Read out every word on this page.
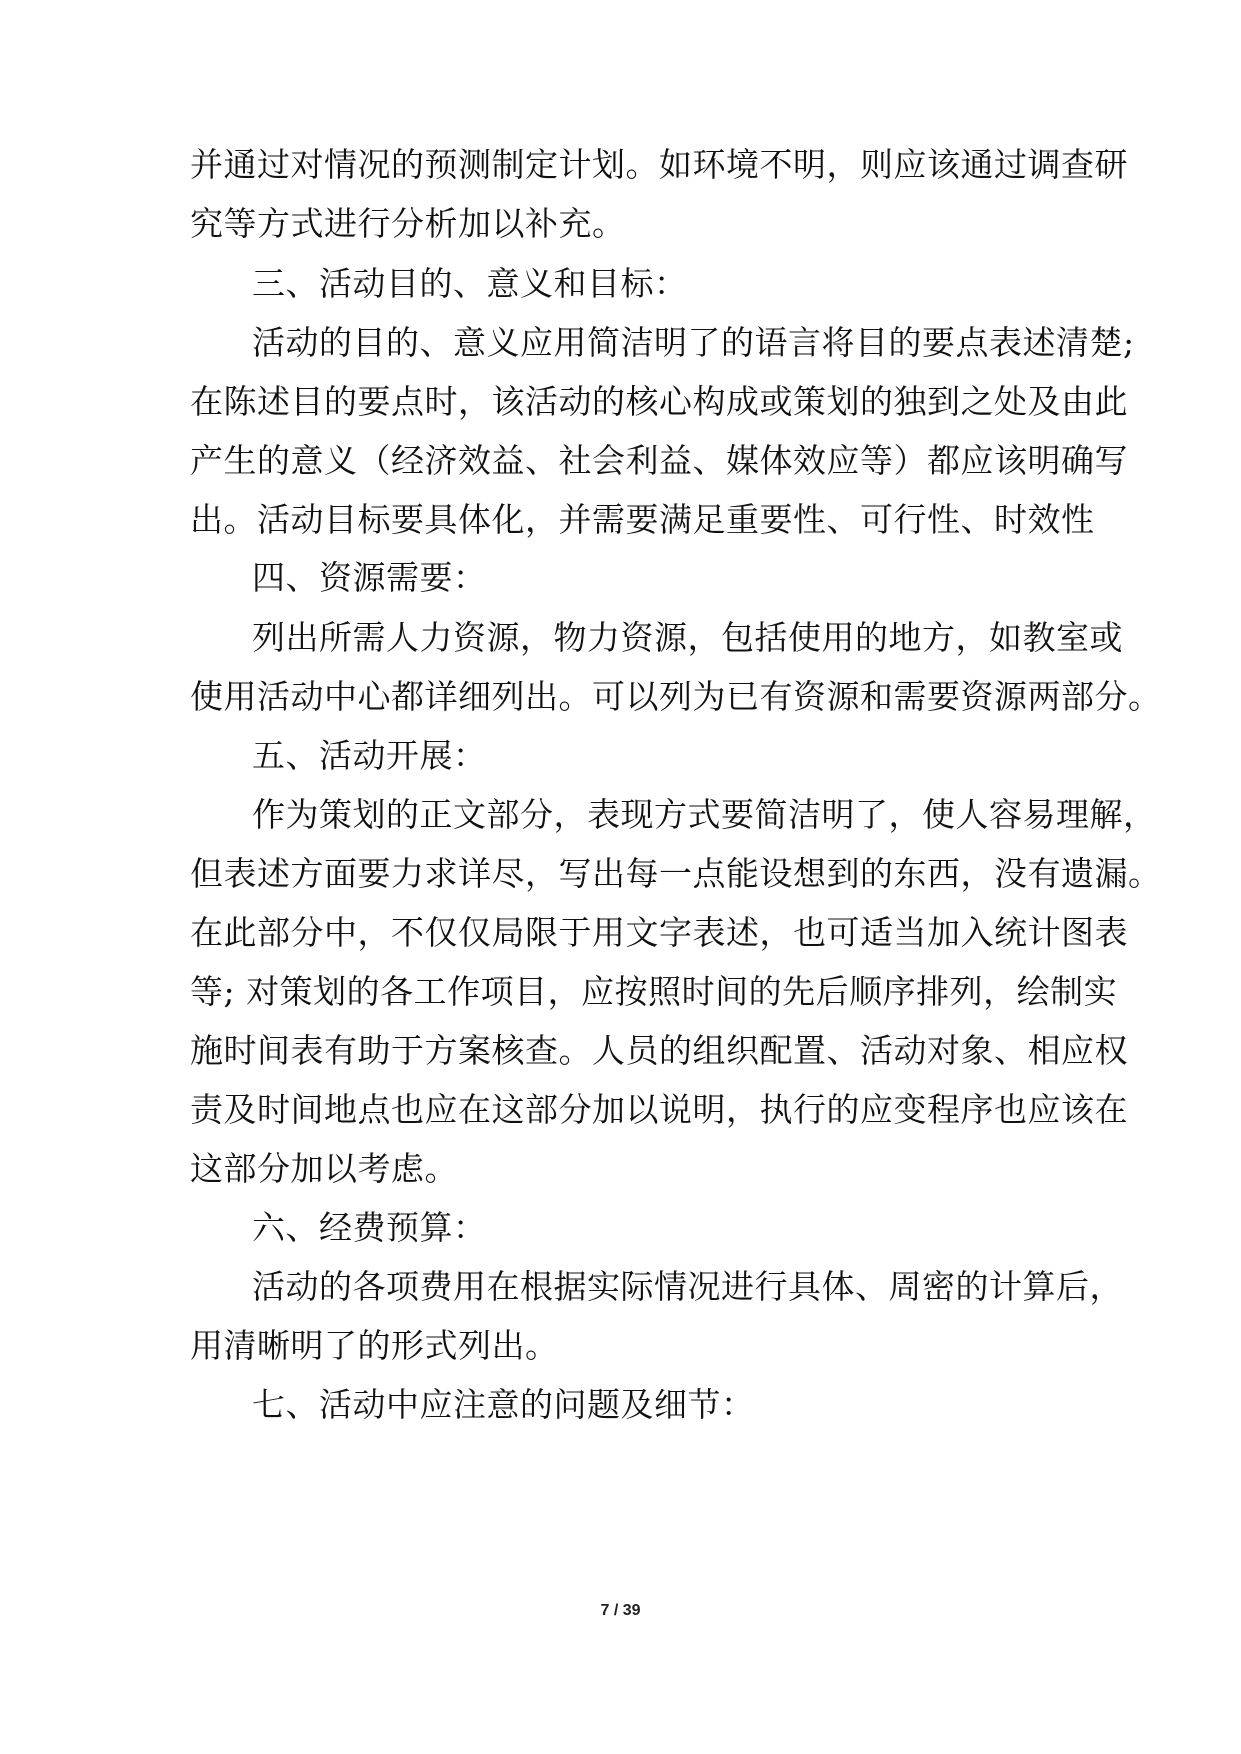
并通过对情况的预测制定计划。如环境不明，则应该通过调查研
究等方式进行分析加以补充。
三、活动目的、意义和目标：
活动的目的、意义应用简洁明了的语言将目的要点表述清楚;
在陈述目的要点时，该活动的核心构成或策划的独到之处及由此
产生的意义（经济效益、社会利益、媒体效应等）都应该明确写
出。活动目标要具体化，并需要满足重要性、可行性、时效性
四、资源需要：
列出所需人力资源，物力资源，包括使用的地方，如教室或
使用活动中心都详细列出。可以列为已有资源和需要资源两部分。
五、活动开展：
作为策划的正文部分，表现方式要简洁明了，使人容易理解，
但表述方面要力求详尽，写出每一点能设想到的东西，没有遗漏。
在此部分中，不仅仅局限于用文字表述，也可适当加入统计图表
等; 对策划的各工作项目，应按照时间的先后顺序排列，绘制实
施时间表有助于方案核查。人员的组织配置、活动对象、相应权
责及时间地点也应在这部分加以说明，执行的应变程序也应该在
这部分加以考虑。
六、经费预算：
活动的各项费用在根据实际情况进行具体、周密的计算后，
用清晰明了的形式列出。
七、活动中应注意的问题及细节：
7 / 39
